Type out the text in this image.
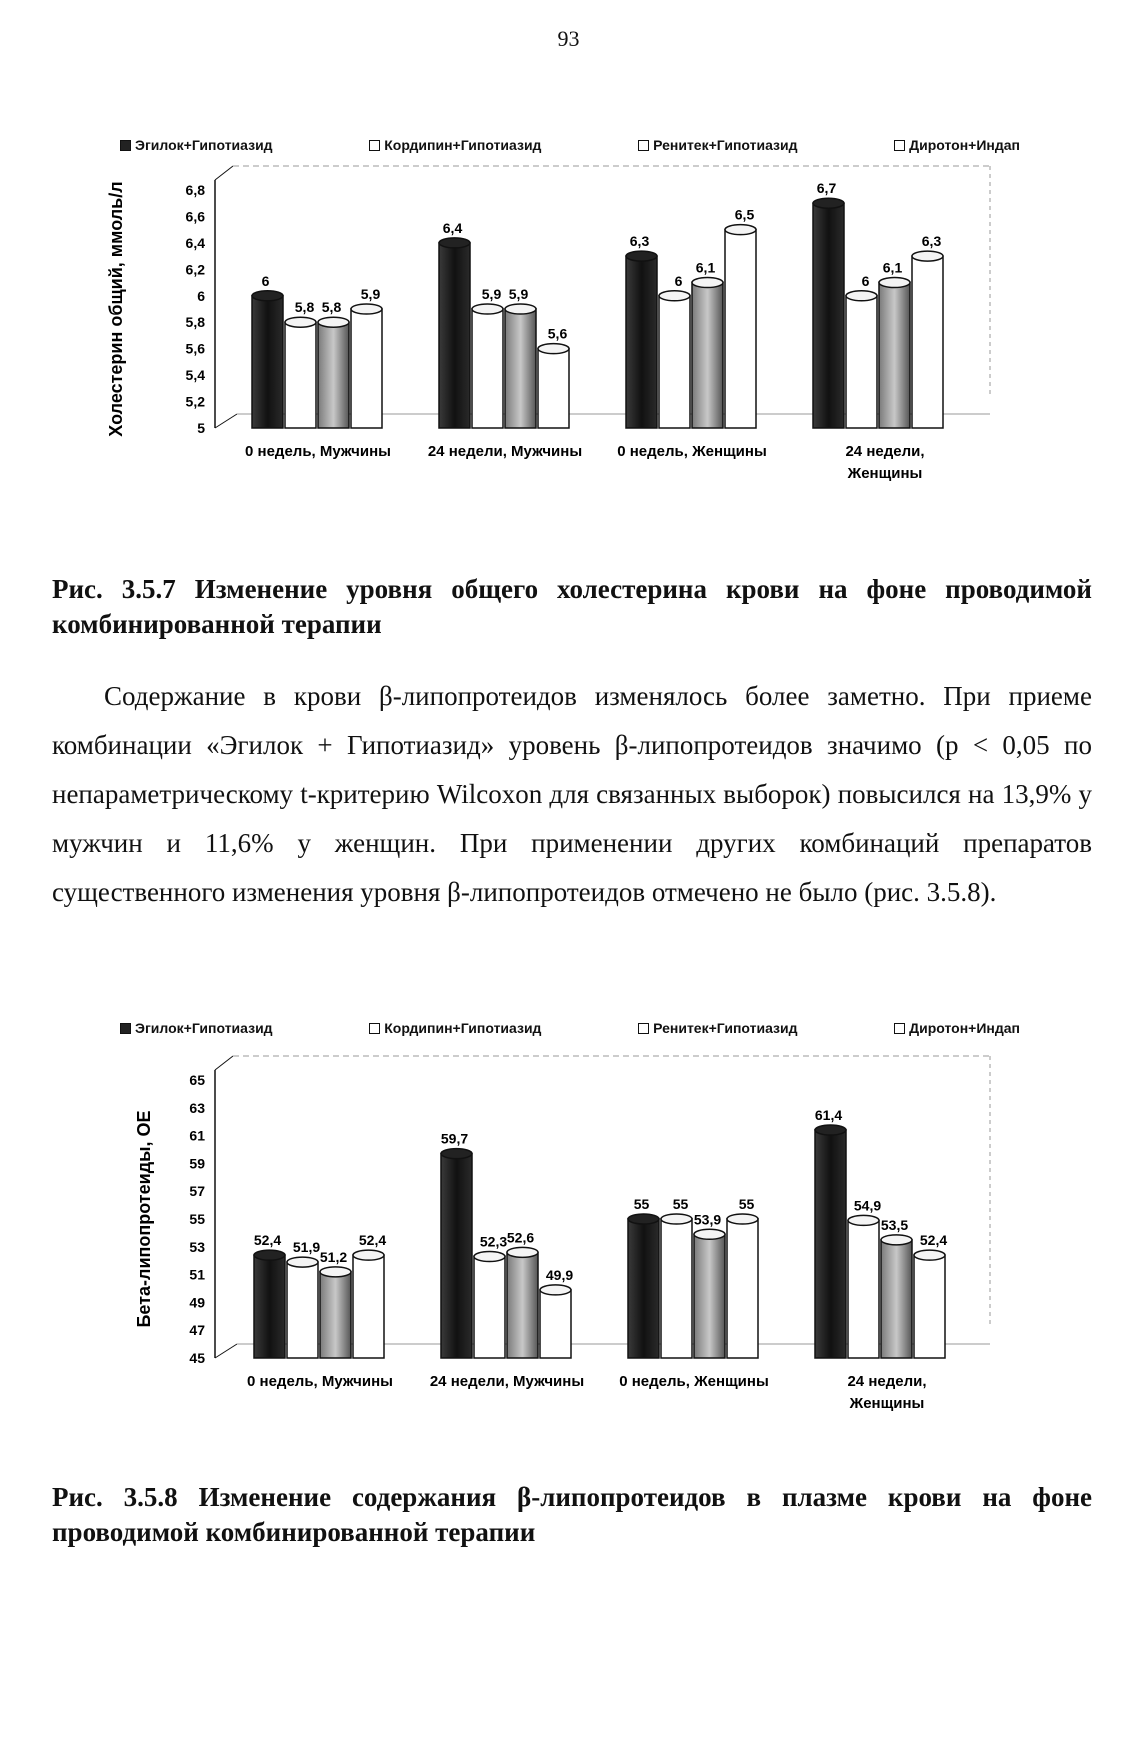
93
Эгилок+Гипотиазид	Кордипин+Гипотиазид	Ренитек+Гипотиазид	Диротон+Индап
Холестерин общий, ммоль/л	5
5,2
5,4
5,6
5,8
6
6,2
6,4
6,6
6,8
6
5,8 5,8
5,9
6,4
5,9 5,9
5,6
6,3
6
6,1
6,5
6,7
6
6,1
6,3
0 недель, Мужчины 24 недели, Мужчины 0 недель, Женщины	24 недели,
Женщины
Рис. 3.5.7 Изменение уровня общего холестерина крови на фоне проводимой комбинированной терапии

Содержание в крови β-липопротеидов изменялось более заметно. При приеме комбинации «Эгилок + Гипотиазид» уровень β-липопротеидов значимо (p < 0,05 по непараметрическому t-критерию Wilcoxon для связанных выборок) повысился на 13,9% у мужчин и 11,6% у женщин. При применении других комбинаций препаратов существенного изменения уровня β-липопротеидов отмечено не было (рис. 3.5.8).

Эгилок+Гипотиазид	Кордипин+Гипотиазид	Ренитек+Гипотиазид	Диротон+Индап
Бета-липопротеиды, ОЕ
45
47
49
51
53
55
57
59
61
63
65
52,4 51,9
51,2
52,4
59,7
52,3 52,6
49,9
55 55
53,9
55
61,4
54,9
53,5
52,4
0 недель, Мужчины 24 недели, Мужчины 0 недель, Женщины	24 недели,
Женщины
Рис. 3.5.8 Изменение содержания β-липопротеидов в плазме крови на фоне проводимой комбинированной терапии
